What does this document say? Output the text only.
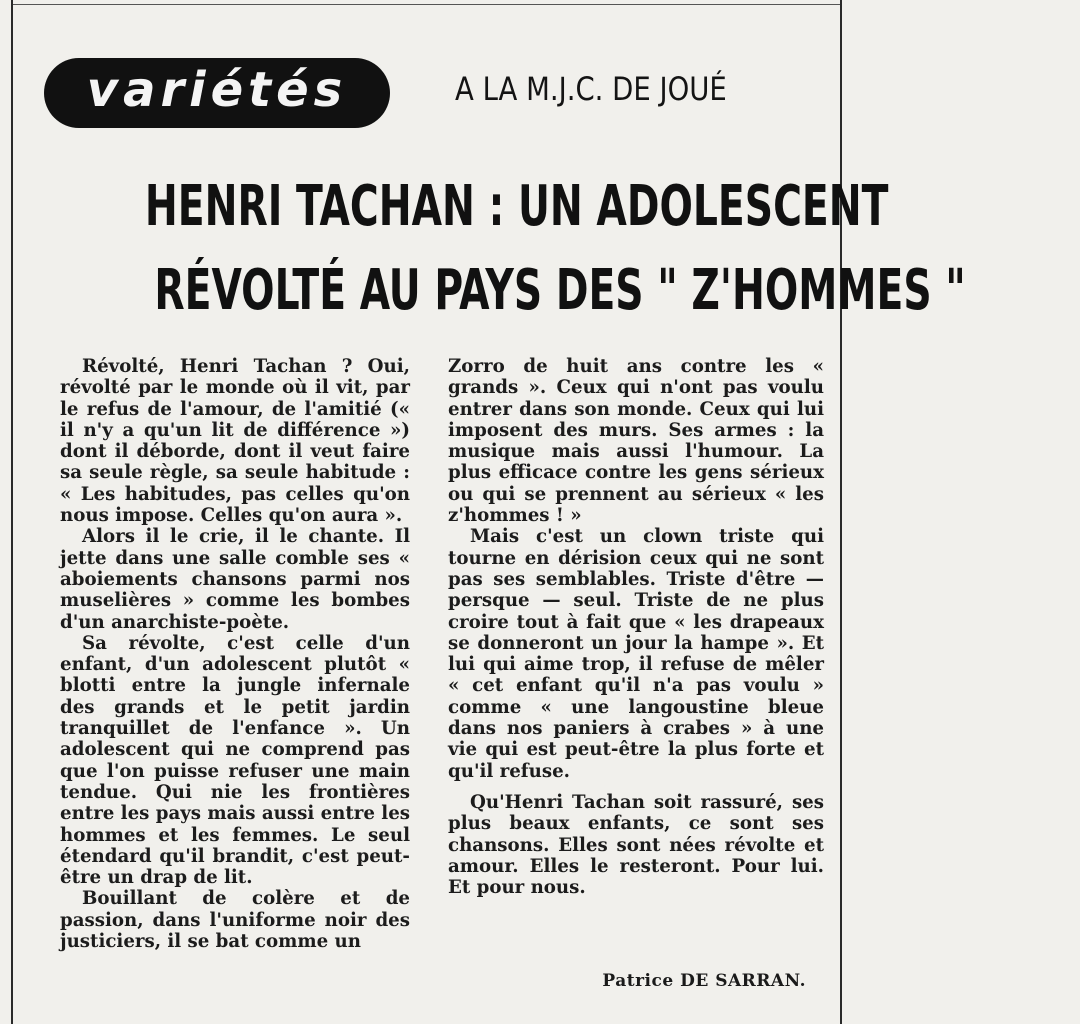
variétés	A LA M.J.C. DE JOUÉ
HENRI TACHAN : UN ADOLESCENT
RÉVOLTÉ AU PAYS DES " Z'HOMMES "

Révolté, Henri Tachan ? Oui, révolté par le monde où il vit, par le refus de l'amour, de l'amitié (« il n'y a qu'un lit de différence ») dont il déborde, dont il veut faire sa seule règle, sa seule habitude : « Les habitudes, pas celles qu'on nous impose. Celles qu'on aura ».

Alors il le crie, il le chante. Il jette dans une salle comble ses « aboiements chansons parmi nos muselières » comme les bombes d'un anarchiste-poète.

Sa révolte, c'est celle d'un enfant, d'un adolescent plutôt « blotti entre la jungle infernale des grands et le petit jardin tranquillet de l'enfance ». Un adolescent qui ne comprend pas que l'on puisse refuser une main tendue. Qui nie les frontières entre les pays mais aussi entre les hommes et les femmes. Le seul étendard qu'il brandit, c'est peut-être un drap de lit.

Bouillant de colère et de passion, dans l'uniforme noir des justiciers, il se bat comme un

Zorro de huit ans contre les « grands ». Ceux qui n'ont pas voulu entrer dans son monde. Ceux qui lui imposent des murs. Ses armes : la musique mais aussi l'humour. La plus efficace contre les gens sérieux ou qui se prennent au sérieux « les z'hommes ! »

Mais c'est un clown triste qui tourne en dérision ceux qui ne sont pas ses semblables. Triste d'être — persque — seul. Triste de ne plus croire tout à fait que « les drapeaux se donneront un jour la hampe ». Et lui qui aime trop, il refuse de mêler « cet enfant qu'il n'a pas voulu » comme « une langoustine bleue dans nos paniers à crabes » à une vie qui est peut-être la plus forte et qu'il refuse.

Qu'Henri Tachan soit rassuré, ses plus beaux enfants, ce sont ses chansons. Elles sont nées révolte et amour. Elles le resteront. Pour lui. Et pour nous.

Patrice DE SARRAN.
